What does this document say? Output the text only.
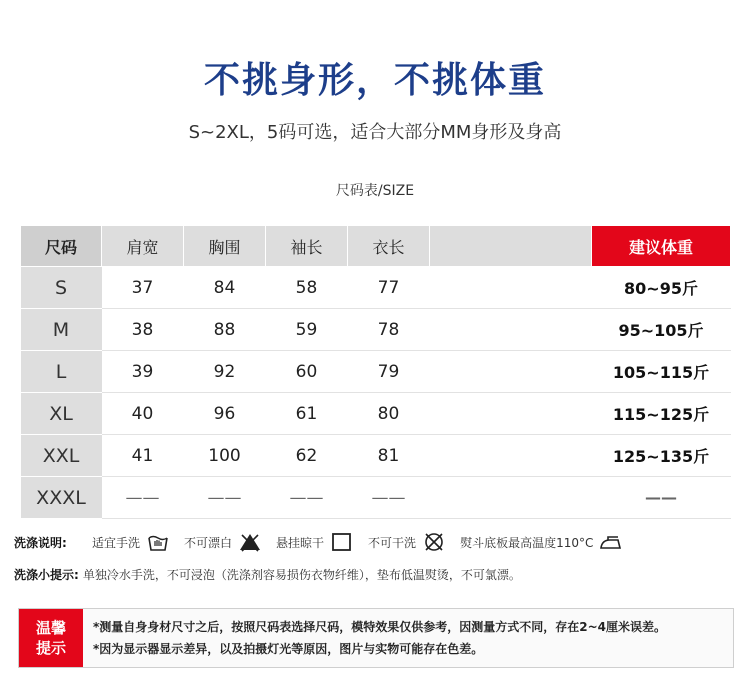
不挑身形，不挑体重
S~2XL，5码可选，适合大部分MM身形及身高
尺码表/SIZE
尺码	肩宽	胸围	袖长	衣长		建议体重
S	37	84	58	77		80~95斤
M	38	88	59	78		95~105斤
L	39	92	60	79		105~115斤
XL	40	96	61	80		115~125斤
XXL	41	100	62	81		125~135斤
XXXL	——	——	——	——		——
洗涤说明:	适宜手洗	不可漂白	悬挂晾干	不可干洗	熨斗底板最高温度110°C
洗涤小提示: 单独冷水手洗，不可浸泡（洗涤剂容易损伤衣物纤维），垫布低温熨烫，不可氯漂。
温馨
提示
*测量自身身材尺寸之后，按照尺码表选择尺码，模特效果仅供参考，因测量方式不同，存在2~4厘米误差。
*因为显示器显示差异，以及拍摄灯光等原因，图片与实物可能存在色差。
